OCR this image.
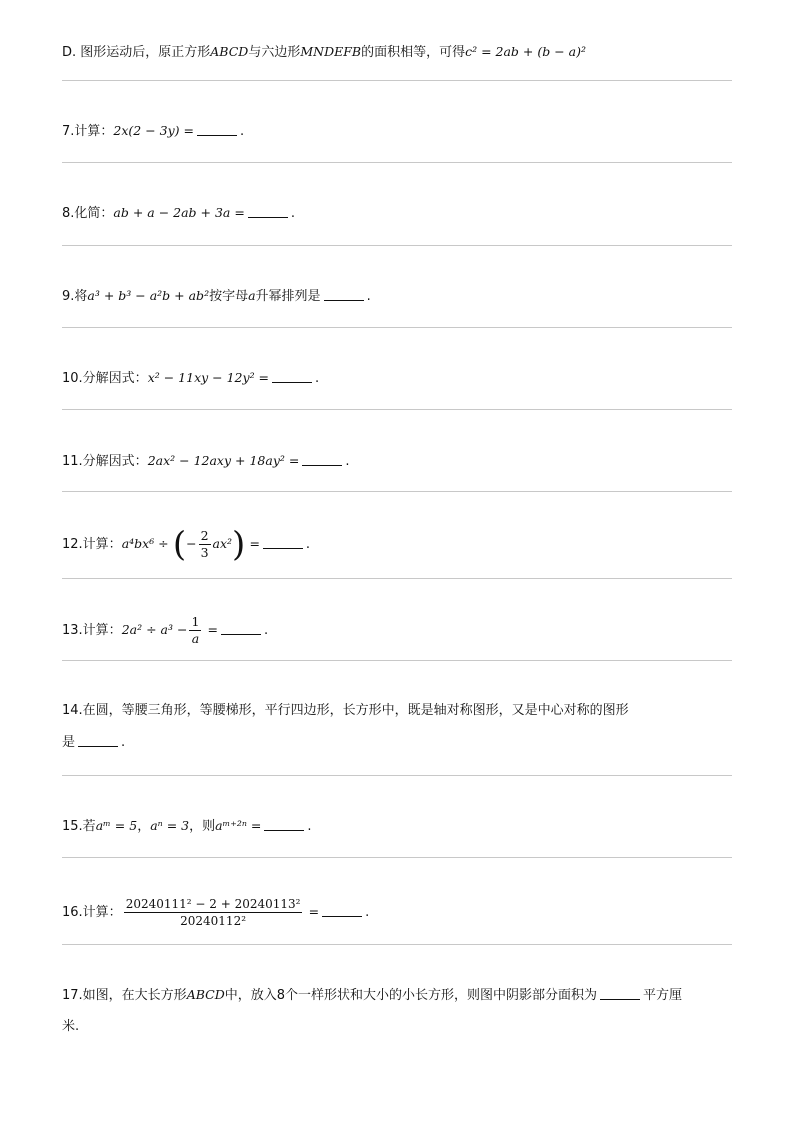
D. 图形运动后，原正方形ABCD与六边形MNDEFB的面积相等，可得c² = 2ab + (b − a)²
7.计算：2x(2 − 3y) =	.
8.化简：ab + a − 2ab + 3a =	.
9.将a³ + b³ − a²b + ab²按字母a升幂排列是	.
10.分解因式：x² − 11xy − 12y² =	.
11.分解因式：2ax² − 12axy + 18ay² =	.
12.计算：a⁴bx⁶ ÷ (− $\frac{2}{3} ax^2$) =	.
13.计算：$2a^2 \div a^3 - \frac{1}{a}$ =	.
14.在圆，等腰三角形，等腰梯形，平行四边形，长方形中，既是轴对称图形，又是中心对称的图形
是	.
15.若aᵐ = 5，aⁿ = 3，则aᵐ⁺²ⁿ =	.
16.计算： $\frac{\text{20240111² − 2 + 20240113²}}{\text{20240112²}}$ =	.
17.如图，在大长方形ABCD中，放入8个一样形状和大小的小长方形，则图中阴影部分面积为	平方厘
米.
